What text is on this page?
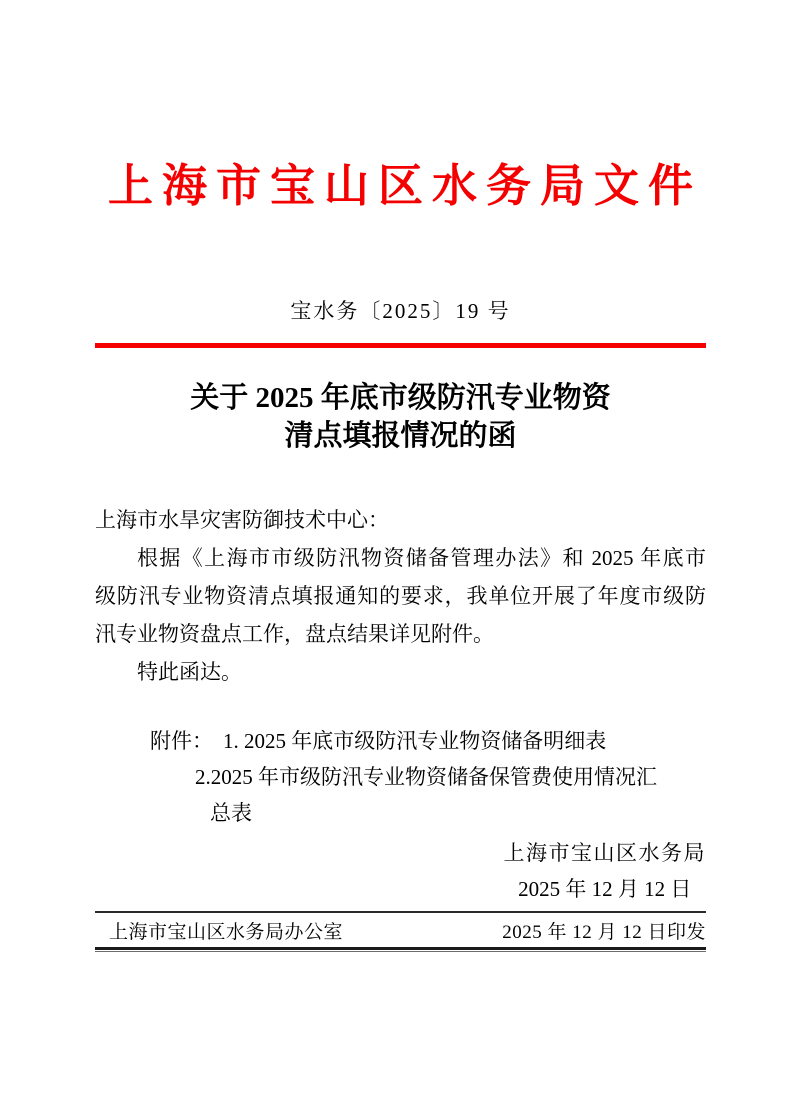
上海市宝山区水务局文件
宝水务〔2025〕19 号
关于 2025 年底市级防汛专业物资
清点填报情况的函
上海市水旱灾害防御技术中心：
根据《上海市市级防汛物资储备管理办法》和 2025 年底市
级防汛专业物资清点填报通知的要求，我单位开展了年度市级防
汛专业物资盘点工作，盘点结果详见附件。
特此函达。
附件： 1. 2025 年底市级防汛专业物资储备明细表
2.2025 年市级防汛专业物资储备保管费使用情况汇
总表
上海市宝山区水务局
2025 年 12 月 12 日
上海市宝山区水务局办公室	2025 年 12 月 12 日印发
